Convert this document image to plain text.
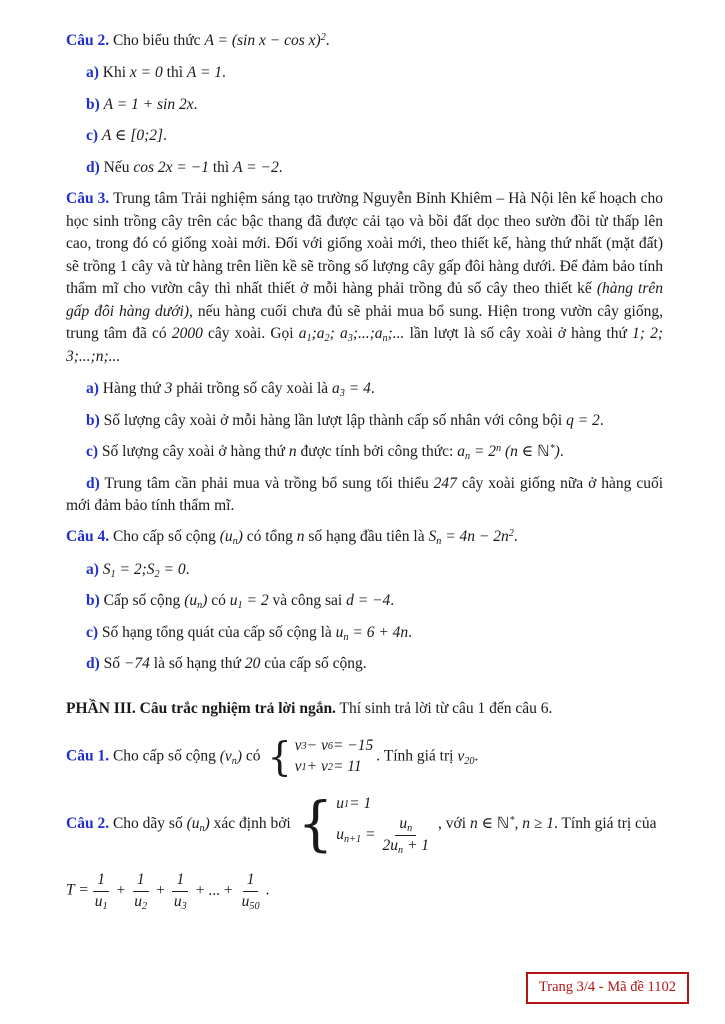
Câu 2. Cho biểu thức A = (sin x − cos x)$^2$.

a) Khi x = 0 thì A = 1.

b) A = 1 + sin 2x.

c) A ∈ [0;2].

d) Nếu cos 2x = −1 thì A = −2.

Câu 3. Trung tâm Trải nghiệm sáng tạo trường Nguyễn Bỉnh Khiêm – Hà Nội lên kế hoạch cho học sinh trồng cây trên các bậc thang đã được cải tạo và bồi đất dọc theo sườn đồi từ thấp lên cao, trong đó có giống xoài mới. Đối với giống xoài mới, theo thiết kế, hàng thứ nhất (mặt đất) sẽ trồng 1 cây và từ hàng trên liền kề sẽ trồng số lượng cây gấp đôi hàng dưới. Để đảm bảo tính thẩm mĩ cho vườn cây thì nhất thiết ở mỗi hàng phải trồng đủ số cây theo thiết kế (hàng trên gấp đôi hàng dưới), nếu hàng cuối chưa đủ sẽ phải mua bổ sung. Hiện trong vườn cây giống, trung tâm đã có 2000 cây xoài. Gọi $a_1;a_2$; $a_3;...;a_n$;... lần lượt là số cây xoài ở hàng thứ 1; 2; 3;...;n;...

a) Hàng thứ 3 phải trồng số cây xoài là $a_3 = 4$.

b) Số lượng cây xoài ở mỗi hàng lần lượt lập thành cấp số nhân với công bội q = 2.

c) Số lượng cây xoài ở hàng thứ n được tính bởi công thức: $a_n = 2^n$ (n ∈ ℕ*).

d) Trung tâm cần phải mua và trồng bổ sung tối thiểu 247 cây xoài giống nữa ở hàng cuối mới đảm bảo tính thẩm mĩ.

Câu 4. Cho cấp số cộng $(u_n)$ có tổng n số hạng đầu tiên là $S_n = 4n - 2n^2$.

a) $S_1$ = $2;S_2 = 0$.

b) Cấp số cộng $(u_n)$ có $u_1 = 2$ và công sai d = −4.

c) Số hạng tổng quát của cấp số cộng là $u_n = 6 + 4n$.

d) Số −74 là số hạng thứ 20 của cấp số cộng.

PHẦN III. Câu trắc nghiệm trả lời ngắn. Thí sinh trả lời từ câu 1 đến câu 6.

Câu 1. Cho cấp số cộng $(v_n)$ có { v 3 − v 6 = −15
v 1 + v 2 = 11
. Tính giá trị $v_{20}$.
Câu 2. Cho dãy số $(u_n)$ xác định bởi { u 1 = 1
$u_{n+1} = \frac{u_n}{2u_n + 1}$ , với n ∈ ℕ*, n ≥ 1. Tính giá trị của
$T = \frac{1}{u_1} + \frac{1}{u_2} + \frac{1}{u_3}$ + ... + $\frac{1}{u_{50}}$ .
Trang 3/4 - Mã đề 1102
